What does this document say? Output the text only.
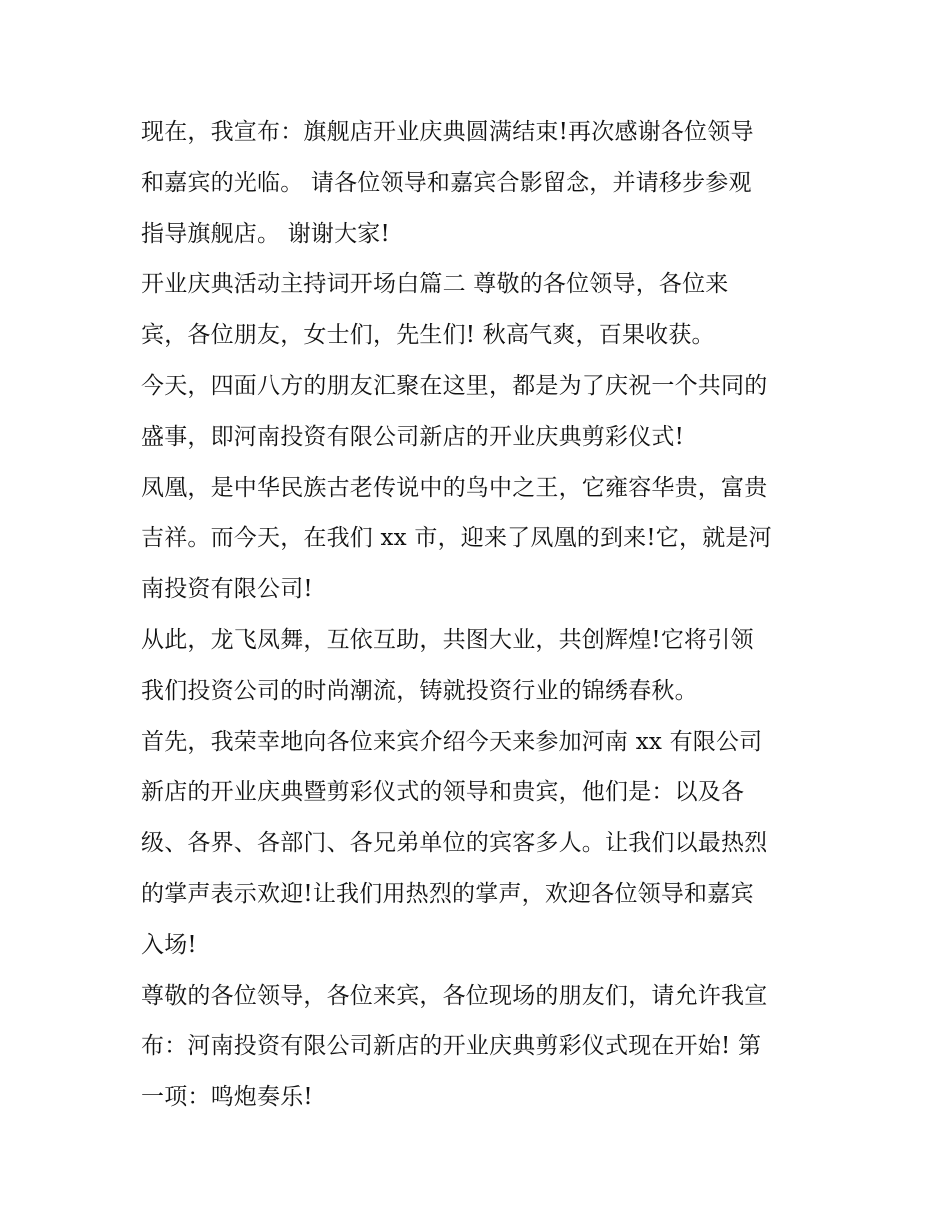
现在，我宣布：旗舰店开业庆典圆满结束!再次感谢各位领导
和嘉宾的光临。 请各位领导和嘉宾合影留念，并请移步参观
指导旗舰店。 谢谢大家!
开业庆典活动主持词开场白篇二 尊敬的各位领导，各位来
宾，各位朋友，女士们，先生们! 秋高气爽，百果收获。
今天，四面八方的朋友汇聚在这里，都是为了庆祝一个共同的
盛事，即河南投资有限公司新店的开业庆典剪彩仪式!
凤凰，是中华民族古老传说中的鸟中之王，它雍容华贵，富贵
吉祥。而今天，在我们 xx 市，迎来了凤凰的到来!它，就是河
南投资有限公司!
从此，龙飞凤舞，互依互助，共图大业，共创辉煌!它将引领
我们投资公司的时尚潮流，铸就投资行业的锦绣春秋。
首先，我荣幸地向各位来宾介绍今天来参加河南 xx 有限公司
新店的开业庆典暨剪彩仪式的领导和贵宾，他们是：以及各
级、各界、各部门、各兄弟单位的宾客多人。让我们以最热烈
的掌声表示欢迎!让我们用热烈的掌声，欢迎各位领导和嘉宾
入场!
尊敬的各位领导，各位来宾，各位现场的朋友们，请允许我宣
布：河南投资有限公司新店的开业庆典剪彩仪式现在开始! 第
一项：鸣炮奏乐!
